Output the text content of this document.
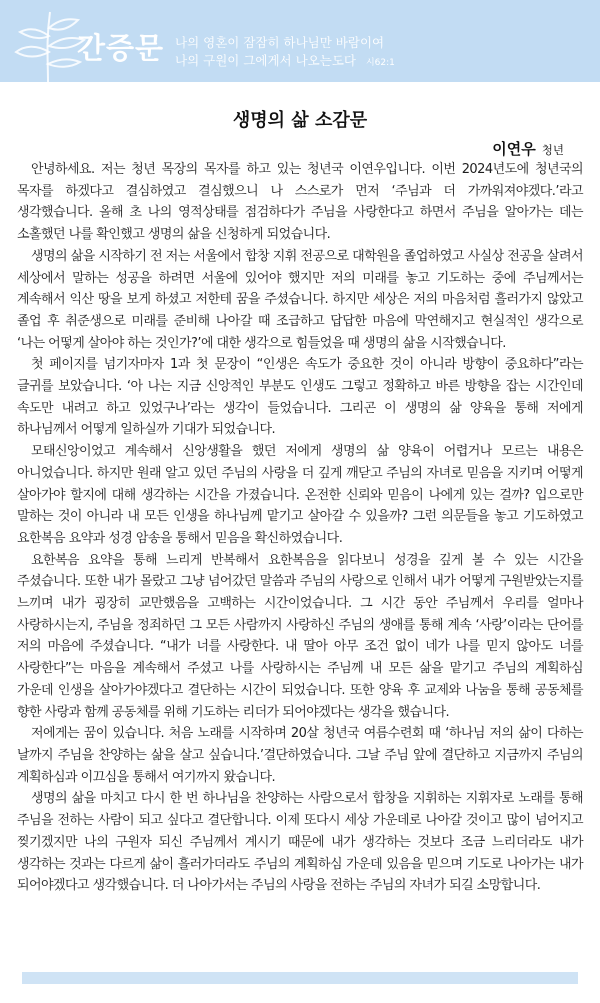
간증문 나의 영혼이 잠잠히 하나님만 바람이여
나의 구원이 그에게서 나오는도다 시62:1
생명의 삶 소감문
이연우 청년

안녕하세요. 저는 청년 목장의 목자를 하고 있는 청년국 이연우입니다. 이번 2024년도에 청년국의 목자를 하겠다고 결심하였고 결심했으니 나 스스로가 먼저 ‘주님과 더 가까워져야겠다.’라고 생각했습니다. 올해 초 나의 영적상태를 점검하다가 주님을 사랑한다고 하면서 주님을 알아가는 데는 소홀했던 나를 확인했고 생명의 삶을 신청하게 되었습니다.

생명의 삶을 시작하기 전 저는 서울에서 합창 지휘 전공으로 대학원을 졸업하였고 사실상 전공을 살려서 세상에서 말하는 성공을 하려면 서울에 있어야 했지만 저의 미래를 놓고 기도하는 중에 주님께서는 계속해서 익산 땅을 보게 하셨고 저한테 꿈을 주셨습니다. 하지만 세상은 저의 마음처럼 흘러가지 않았고 졸업 후 취준생으로 미래를 준비해 나아갈 때 조급하고 답답한 마음에 막연해지고 현실적인 생각으로 ‘나는 어떻게 살아야 하는 것인가?’에 대한 생각으로 힘들었을 때 생명의 삶을 시작했습니다.

첫 페이지를 넘기자마자 1과 첫 문장이 “인생은 속도가 중요한 것이 아니라 방향이 중요하다”라는 글귀를 보았습니다. ‘아 나는 지금 신앙적인 부분도 인생도 그렇고 정확하고 바른 방향을 잡는 시간인데 속도만 내려고 하고 있었구나’라는 생각이 들었습니다. 그리곤 이 생명의 삶 양육을 통해 저에게 하나님께서 어떻게 일하실까 기대가 되었습니다.

모태신앙이었고 계속해서 신앙생활을 했던 저에게 생명의 삶 양육이 어렵거나 모르는 내용은 아니었습니다. 하지만 원래 알고 있던 주님의 사랑을 더 깊게 깨닫고 주님의 자녀로 믿음을 지키며 어떻게 살아가야 할지에 대해 생각하는 시간을 가졌습니다. 온전한 신뢰와 믿음이 나에게 있는 걸까? 입으로만 말하는 것이 아니라 내 모든 인생을 하나님께 맡기고 살아갈 수 있을까? 그런 의문들을 놓고 기도하였고 요한복음 요약과 성경 암송을 통해서 믿음을 확신하였습니다.

요한복음 요약을 통해 느리게 반복해서 요한복음을 읽다보니 성경을 깊게 볼 수 있는 시간을 주셨습니다. 또한 내가 몰랐고 그냥 넘어갔던 말씀과 주님의 사랑으로 인해서 내가 어떻게 구원받았는지를 느끼며 내가 굉장히 교만했음을 고백하는 시간이었습니다. 그 시간 동안 주님께서 우리를 얼마나 사랑하시는지, 주님을 정죄하던 그 모든 사람까지 사랑하신 주님의 생애를 통해 계속 ‘사랑’이라는 단어를 저의 마음에 주셨습니다. “내가 너를 사랑한다. 내 딸아 아무 조건 없이 네가 나를 믿지 않아도 너를 사랑한다”는 마음을 계속해서 주셨고 나를 사랑하시는 주님께 내 모든 삶을 맡기고 주님의 계획하심 가운데 인생을 살아가야겠다고 결단하는 시간이 되었습니다. 또한 양육 후 교제와 나눔을 통해 공동체를 향한 사랑과 함께 공동체를 위해 기도하는 리더가 되어야겠다는 생각을 했습니다.

저에게는 꿈이 있습니다. 처음 노래를 시작하며 20살 청년국 여름수련회 때 ‘하나님 저의 삶이 다하는 날까지 주님을 찬양하는 삶을 살고 싶습니다.’결단하였습니다. 그날 주님 앞에 결단하고 지금까지 주님의 계획하심과 이끄심을 통해서 여기까지 왔습니다.

생명의 삶을 마치고 다시 한 번 하나님을 찬양하는 사람으로서 합창을 지휘하는 지휘자로 노래를 통해 주님을 전하는 사람이 되고 싶다고 결단합니다. 이제 또다시 세상 가운데로 나아갈 것이고 많이 넘어지고 찢기겠지만 나의 구원자 되신 주님께서 계시기 때문에 내가 생각하는 것보다 조금 느리더라도 내가 생각하는 것과는 다르게 삶이 흘러가더라도 주님의 계획하심 가운데 있음을 믿으며 기도로 나아가는 내가 되어야겠다고 생각했습니다. 더 나아가서는 주님의 사랑을 전하는 주님의 자녀가 되길 소망합니다.
